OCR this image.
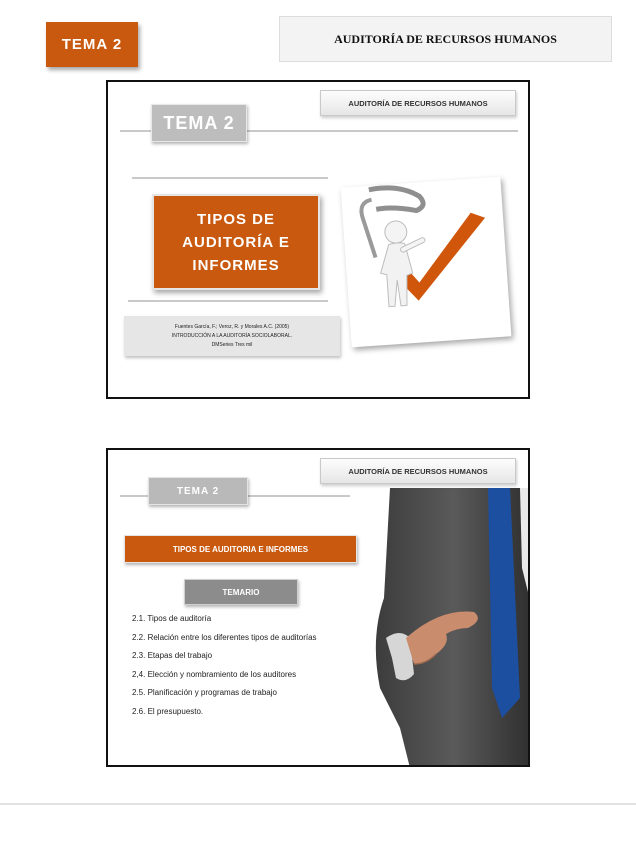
TEMA 2	AUDITORÍA DE RECURSOS HUMANOS
AUDITORÍA DE RECURSOS HUMANOS
TEMA 2
TIPOS DE
AUDITORÍA E
INFORMES
Fuentes García, F.; Veroz, R. y Morales A.C. (2005)
INTRODUCCIÓN A LA AUDITORÍA SOCIOLABORAL.
DMSeries Tres mil
AUDITORÍA DE RECURSOS HUMANOS
TEMA 2
TIPOS DE AUDITORIA E INFORMES
TEMARIO
2.1. Tipos de auditoría
2.2. Relación entre los diferentes tipos de auditorías
2.3. Etapas del trabajo
2,4. Elección y nombramiento de los auditores
2.5. Planificación y programas de trabajo
2.6. El presupuesto.
